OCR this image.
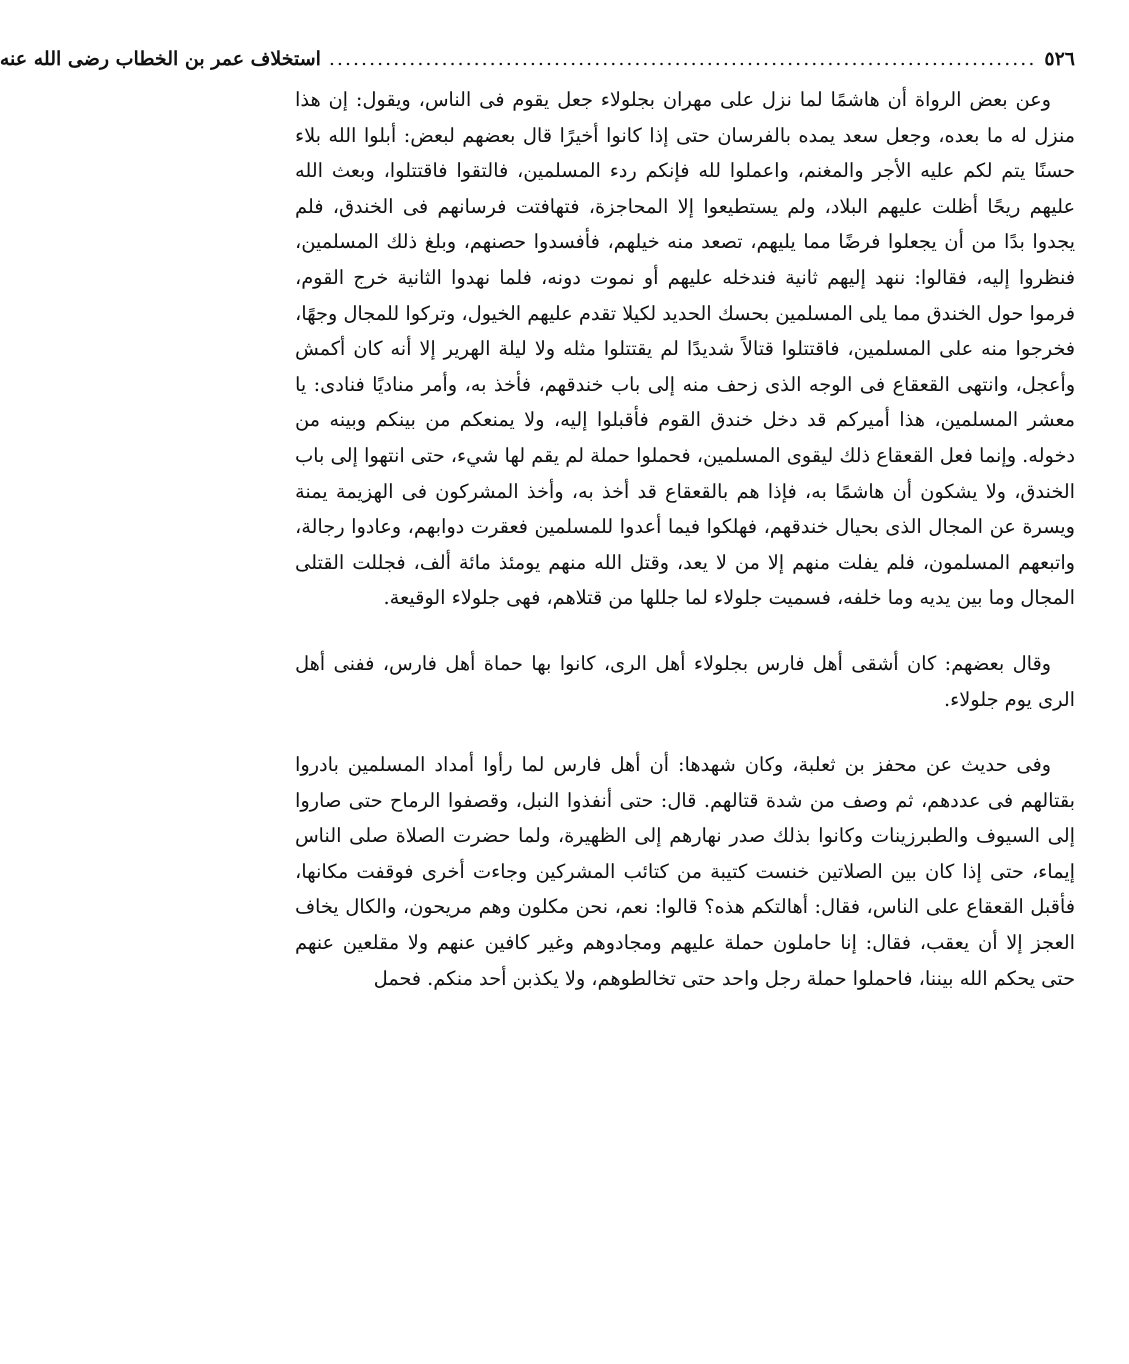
٥٢٦
........................................................................................
استخلاف عمر بن الخطاب رضى الله عنه

وعن بعض الرواة أن هاشمًا لما نزل على مهران بجلولاء جعل يقوم فى الناس، ويقول: إن هذا منزل له ما بعده، وجعل سعد يمده بالفرسان حتى إذا كانوا أخيرًا قال بعضهم لبعض: أبلوا الله بلاء حسنًا يتم لكم عليه الأجر والمغنم، واعملوا لله فإنكم ردء المسلمين، فالتقوا فاقتتلوا، وبعث الله عليهم ريحًا أظلت عليهم البلاد، ولم يستطيعوا إلا المحاجزة، فتهافتت فرسانهم فى الخندق، فلم يجدوا بدًا من أن يجعلوا فرضًا مما يليهم، تصعد منه خيلهم، فأفسدوا حصنهم، وبلغ ذلك المسلمين، فنظروا إليه، فقالوا: ننهد إليهم ثانية فندخله عليهم أو نموت دونه، فلما نهدوا الثانية خرج القوم، فرموا حول الخندق مما يلى المسلمين بحسك الحديد لكيلا تقدم عليهم الخيول، وتركوا للمجال وجهًا، فخرجوا منه على المسلمين، فاقتتلوا قتالاً شديدًا لم يقتتلوا مثله ولا ليلة الهرير إلا أنه كان أكمش وأعجل، وانتهى القعقاع فى الوجه الذى زحف منه إلى باب خندقهم، فأخذ به، وأمر مناديًا فنادى: يا معشر المسلمين، هذا أميركم قد دخل خندق القوم فأقبلوا إليه، ولا يمنعكم من بينكم وبينه من دخوله. وإنما فعل القعقاع ذلك ليقوى المسلمين، فحملوا حملة لم يقم لها شيء، حتى انتهوا إلى باب الخندق، ولا يشكون أن هاشمًا به، فإذا هم بالقعقاع قد أخذ به، وأخذ المشركون فى الهزيمة يمنة ويسرة عن المجال الذى بحيال خندقهم، فهلكوا فيما أعدوا للمسلمين فعقرت دوابهم، وعادوا رجالة، واتبعهم المسلمون، فلم يفلت منهم إلا من لا يعد، وقتل الله منهم يومئذ مائة ألف، فجللت القتلى المجال وما بين يديه وما خلفه، فسميت جلولاء لما جللها من قتلاهم، فهى جلولاء الوقيعة.

وقال بعضهم: كان أشقى أهل فارس بجلولاء أهل الرى، كانوا بها حماة أهل فارس، ففنى أهل الرى يوم جلولاء.

وفى حديث عن محفز بن ثعلبة، وكان شهدها: أن أهل فارس لما رأوا أمداد المسلمين بادروا بقتالهم فى عددهم، ثم وصف من شدة قتالهم. قال: حتى أنفذوا النبل، وقصفوا الرماح حتى صاروا إلى السيوف والطبرزينات وكانوا بذلك صدر نهارهم إلى الظهيرة، ولما حضرت الصلاة صلى الناس إيماء، حتى إذا كان بين الصلاتين خنست كتيبة من كتائب المشركين وجاءت أخرى فوقفت مكانها، فأقبل القعقاع على الناس، فقال: أهالتكم هذه؟ قالوا: نعم، نحن مكلون وهم مريحون، والكال يخاف العجز إلا أن يعقب، فقال: إنا حاملون حملة عليهم ومجادوهم وغير كافين عنهم ولا مقلعين عنهم حتى يحكم الله بيننا، فاحملوا حملة رجل واحد حتى تخالطوهم، ولا يكذبن أحد منكم. فحمل
